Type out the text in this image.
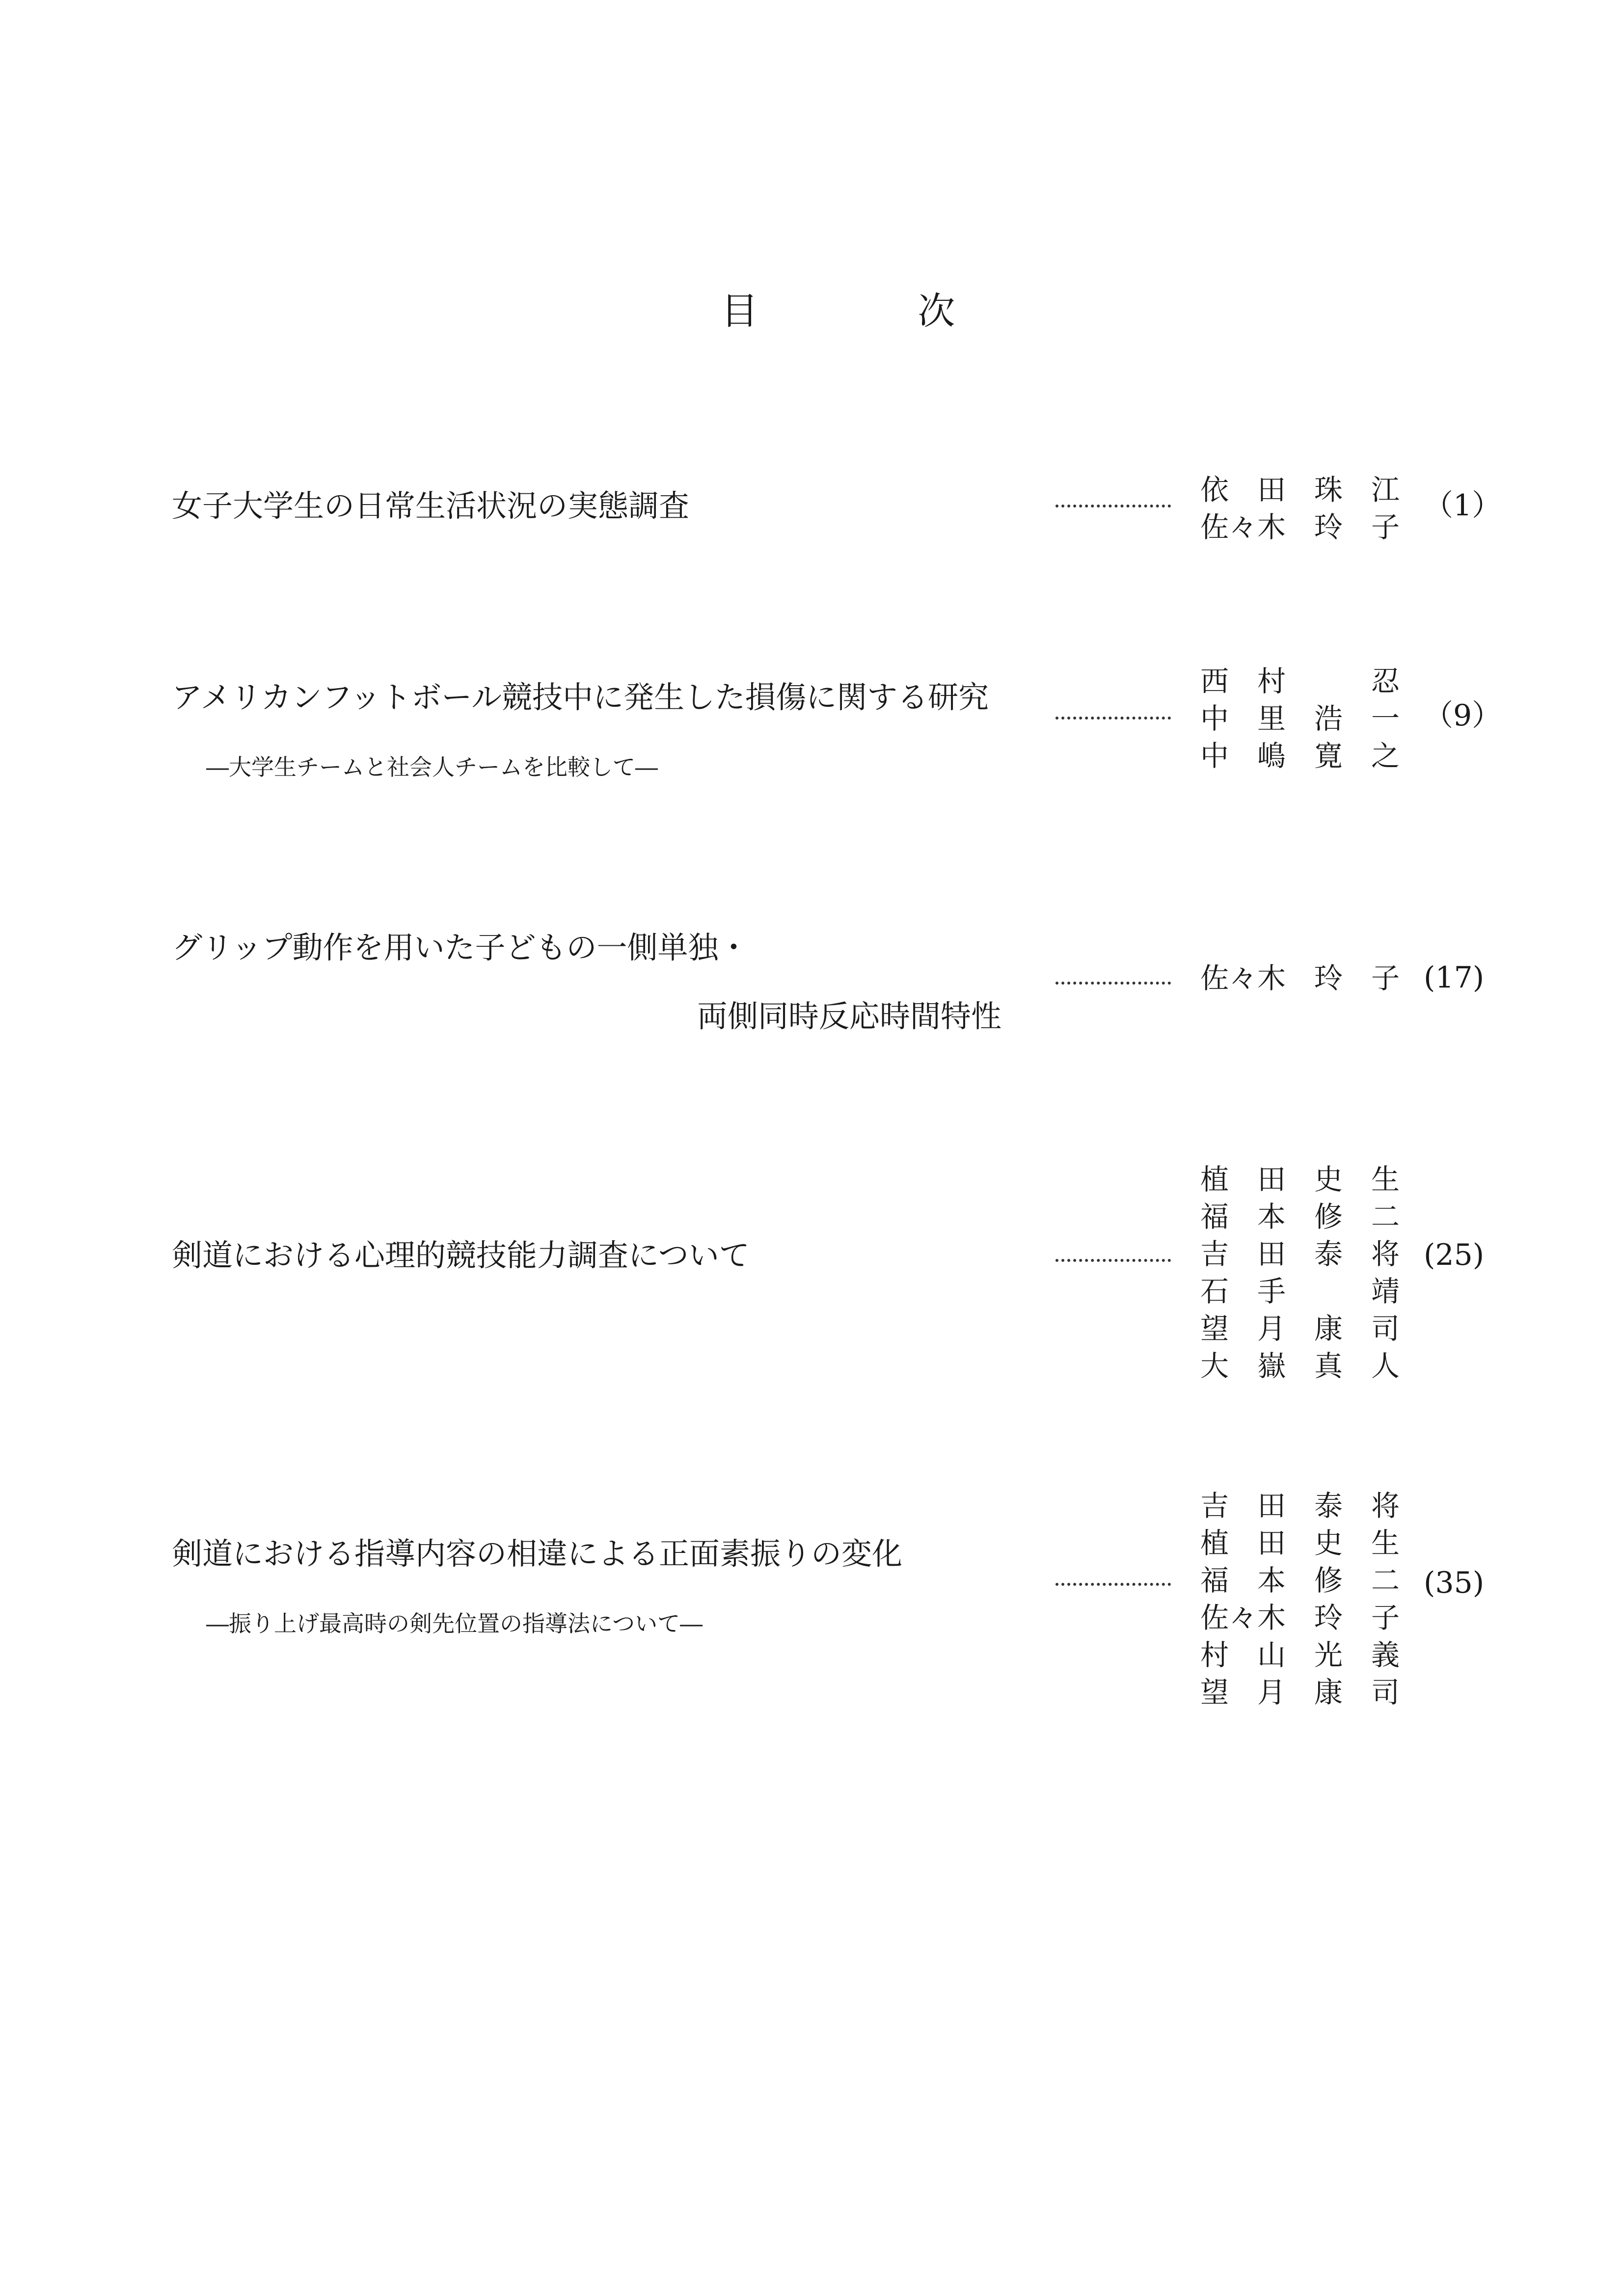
目	次

女子大学生の日常生活状況の実態調査	依　田　珠　江
佐々木　玲　子
（1）
アメリカンフットボール競技中に発生した損傷に関する研究
―大学生チームと社会人チームを比較して―
西　村　　　忍
中　里　浩　一
中　嶋　寛　之
（9）
グリップ動作を用いた子どもの一側単独・
両側同時反応時間特性
佐々木　玲　子 (17)
剣道における心理的競技能力調査について
植　田　史　生
福　本　修　二
吉　田　泰　将
石　手　　　靖
望　月　康　司
大　嶽　真　人
(25)
剣道における指導内容の相違による正面素振りの変化
―振り上げ最高時の剣先位置の指導法について―
吉　田　泰　将
植　田　史　生
福　本　修　二
佐々木　玲　子
村　山　光　義
望　月　康　司
(35)
